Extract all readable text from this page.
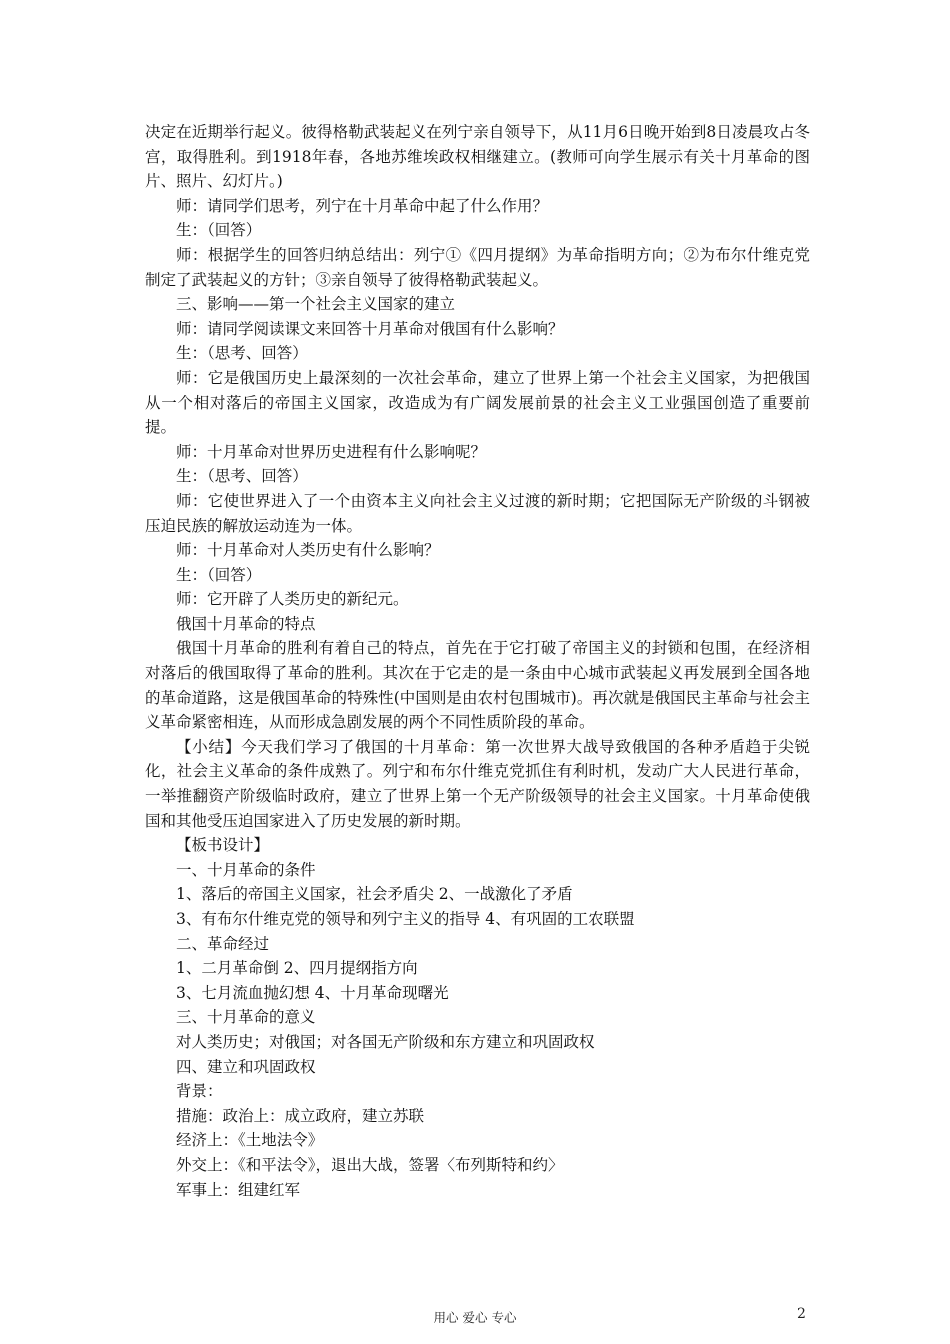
决定在近期举行起义。彼得格勒武装起义在列宁亲自领导下，从11月6日晚开始到8日凌晨攻占冬宫，取得胜利。到1918年春，各地苏维埃政权相继建立。(教师可向学生展示有关十月革命的图片、照片、幻灯片。)

师：请同学们思考，列宁在十月革命中起了什么作用？

生：（回答）

师：根据学生的回答归纳总结出：列宁①《四月提纲》为革命指明方向；②为布尔什维克党制定了武装起义的方针；③亲自领导了彼得格勒武装起义。

三、影响——第一个社会主义国家的建立

师：请同学阅读课文来回答十月革命对俄国有什么影响？

生：（思考、回答）

师：它是俄国历史上最深刻的一次社会革命，建立了世界上第一个社会主义国家，为把俄国从一个相对落后的帝国主义国家，改造成为有广阔发展前景的社会主义工业强国创造了重要前提。

师：十月革命对世界历史进程有什么影响呢？

生：（思考、回答）

师：它使世界进入了一个由资本主义向社会主义过渡的新时期；它把国际无产阶级的斗钢被压迫民族的解放运动连为一体。

师：十月革命对人类历史有什么影响？

生：（回答）

师：它开辟了人类历史的新纪元。

俄国十月革命的特点

俄国十月革命的胜利有着自己的特点，首先在于它打破了帝国主义的封锁和包围，在经济相对落后的俄国取得了革命的胜利。其次在于它走的是一条由中心城市武装起义再发展到全国各地的革命道路，这是俄国革命的特殊性(中国则是由农村包围城市)。再次就是俄国民主革命与社会主义革命紧密相连，从而形成急剧发展的两个不同性质阶段的革命。

【小结】今天我们学习了俄国的十月革命：第一次世界大战导致俄国的各种矛盾趋于尖锐化，社会主义革命的条件成熟了。列宁和布尔什维克党抓住有利时机，发动广大人民进行革命，一举推翻资产阶级临时政府，建立了世界上第一个无产阶级领导的社会主义国家。十月革命使俄国和其他受压迫国家进入了历史发展的新时期。

【板书设计】

一、十月革命的条件

1、落后的帝国主义国家，社会矛盾尖 2、一战激化了矛盾

3、有布尔什维克党的领导和列宁主义的指导 4、有巩固的工农联盟

二、革命经过

1、二月革命倒 2、四月提纲指方向

3、七月流血抛幻想 4、十月革命现曙光

三、十月革命的意义

对人类历史；对俄国；对各国无产阶级和东方建立和巩固政权

四、建立和巩固政权

背景：

措施：政治上：成立政府，建立苏联

经济上：《土地法令》

外交上：《和平法令》，退出大战，签署〈布列斯特和约〉

军事上：组建红军

用心 爱心 专心	2
